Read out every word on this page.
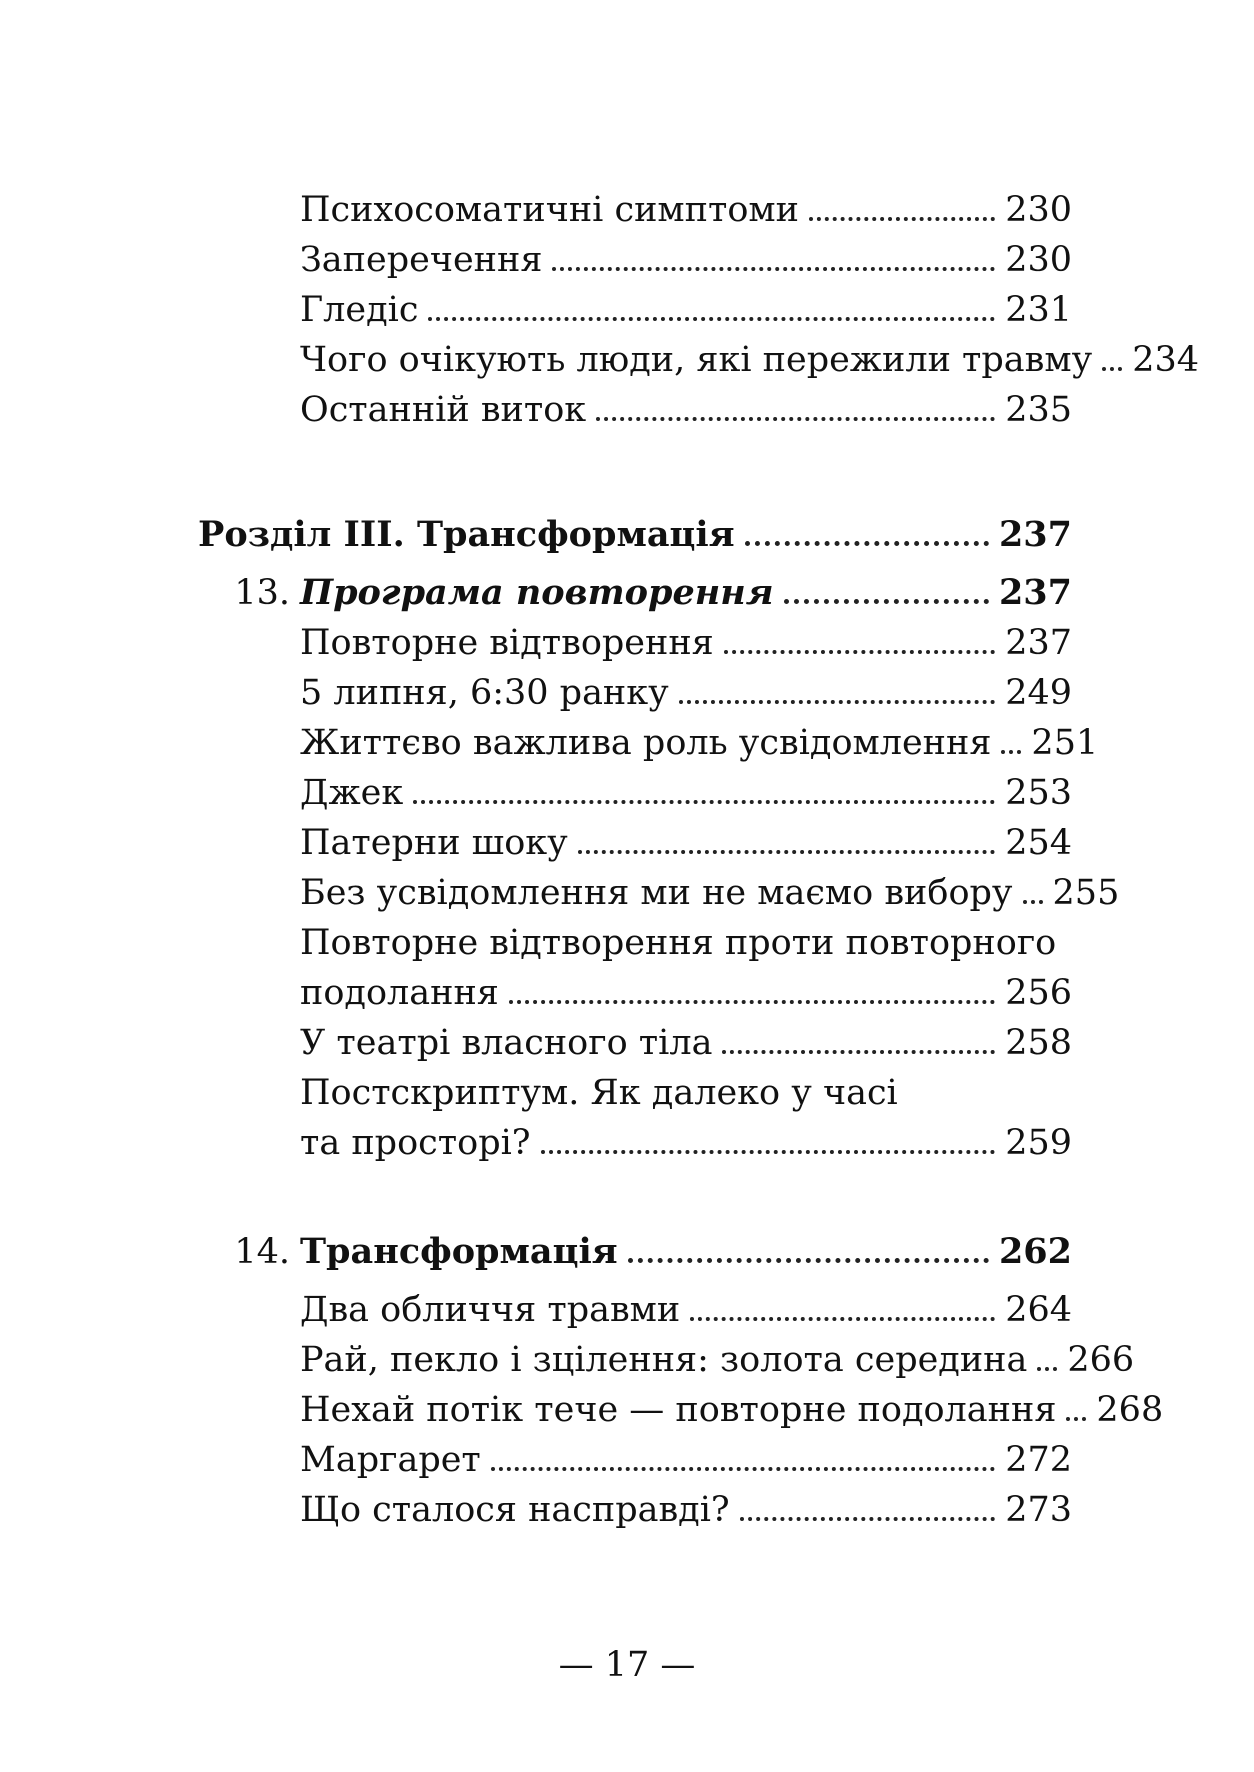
Психосоматичні симптоми	230
Заперечення	230
Гледіс	231
Чого очікують люди, які пережили травму 234
Останній виток	235
Розділ ІІІ. Трансформація	237
13. Програма повторення	237
Повторне відтворення	237
5 липня, 6:30 ранку	249
Життєво важлива роль усвідомлення 251
Джек	253
Патерни шоку	254
Без усвідомлення ми не маємо вибору 255
Повторне відтворення проти повторного
подолання	256
У театрі власного тіла	258
Постскриптум. Як далеко у часі
та просторі?	259
14. Трансформація	262
Два обличчя травми	264
Рай, пекло і зцілення: золота середина 266
Нехай потік тече — повторне подолання 268
Маргарет	272
Що сталося насправді?	273
— 17 —
